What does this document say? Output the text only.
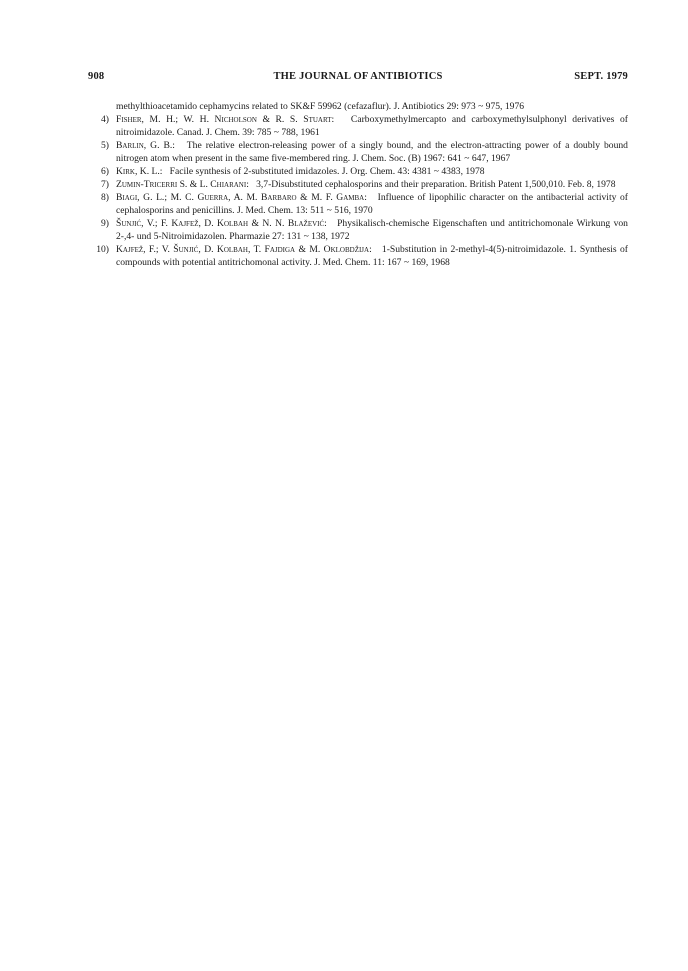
908	THE JOURNAL OF ANTIBIOTICS	SEPT. 1979
methylthioacetamido cephamycins related to SK&F 59962 (cefazaflur). J. Antibiotics 29: 973 ~ 975, 1976
4) Fisher, M. H.; W. H. Nicholson & R. S. Stuart:   Carboxymethylmercapto and carboxymethylsulphonyl derivatives of nitroimidazole. Canad. J. Chem. 39: 785 ~ 788, 1961
5) Barlin, G. B.:   The relative electron-releasing power of a singly bound, and the electron-attracting power of a doubly bound nitrogen atom when present in the same five-membered ring. J. Chem. Soc. (B) 1967: 641 ~ 647, 1967
6) Kirk, K. L.:   Facile synthesis of 2-substituted imidazoles. J. Org. Chem. 43: 4381 ~ 4383, 1978
7) Zumin-Tricerri S. & L. Chiarani:   3,7-Disubstituted cephalosporins and their preparation. British Patent 1,500,010. Feb. 8, 1978
8) Biagi, G. L.; M. C. Guerra, A. M. Barbaro & M. F. Gamba:   Influence of lipophilic character on the antibacterial activity of cephalosporins and penicillins. J. Med. Chem. 13: 511 ~ 516, 1970
9) Šunjić, V.; F. Kajfež, D. Kolbah & N. N. Blažević:   Physikalisch-chemische Eigenschaften und antitrichomonale Wirkung von 2-,4- und 5-Nitroimidazolen. Pharmazie 27: 131 ~ 138, 1972
10) Kajfež, F.; V. Šunjić, D. Kolbah, T. Fajdiga & M. Oklobdžija:   1-Substitution in 2-methyl-4(5)-nitroimidazole. 1. Synthesis of compounds with potential antitrichomonal activity. J. Med. Chem. 11: 167 ~ 169, 1968
